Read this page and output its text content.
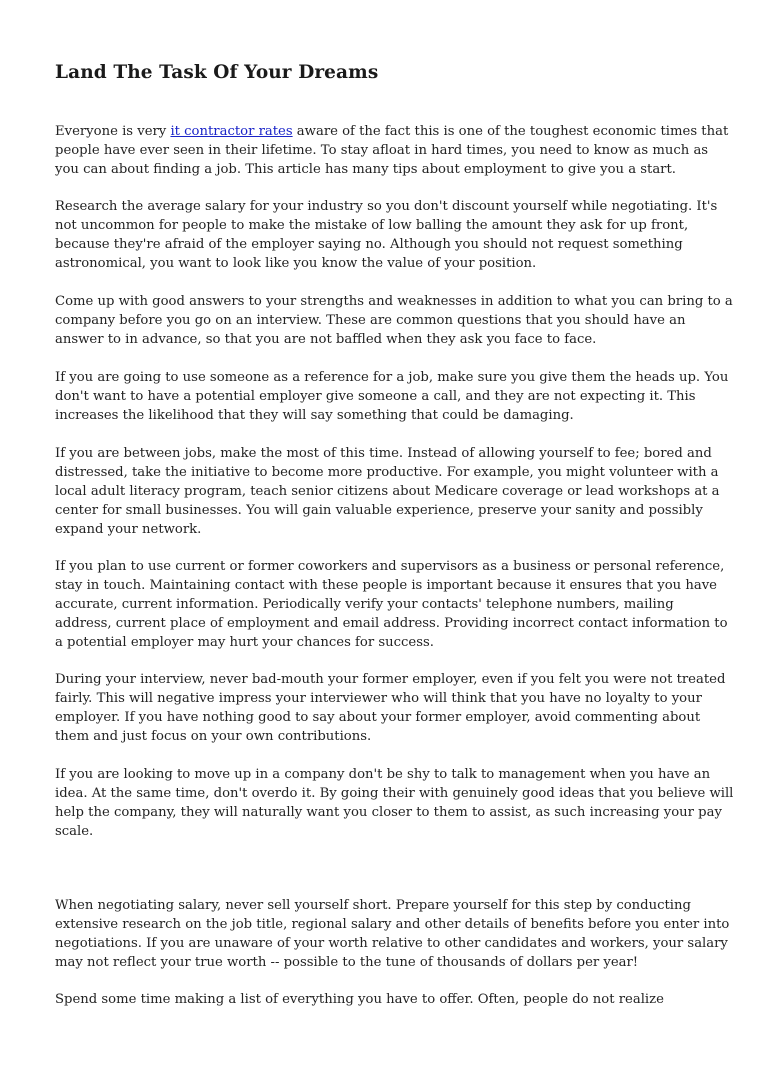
Land The Task Of Your Dreams

Everyone is very it contractor rates aware of the fact this is one of the toughest economic times that
people have ever seen in their lifetime. To stay afloat in hard times, you need to know as much as
you can about finding a job. This article has many tips about employment to give you a start.

Research the average salary for your industry so you don't discount yourself while negotiating. It's
not uncommon for people to make the mistake of low balling the amount they ask for up front,
because they're afraid of the employer saying no. Although you should not request something
astronomical, you want to look like you know the value of your position.

Come up with good answers to your strengths and weaknesses in addition to what you can bring to a
company before you go on an interview. These are common questions that you should have an
answer to in advance, so that you are not baffled when they ask you face to face.

If you are going to use someone as a reference for a job, make sure you give them the heads up. You
don't want to have a potential employer give someone a call, and they are not expecting it. This
increases the likelihood that they will say something that could be damaging.

If you are between jobs, make the most of this time. Instead of allowing yourself to fee; bored and
distressed, take the initiative to become more productive. For example, you might volunteer with a
local adult literacy program, teach senior citizens about Medicare coverage or lead workshops at a
center for small businesses. You will gain valuable experience, preserve your sanity and possibly
expand your network.

If you plan to use current or former coworkers and supervisors as a business or personal reference,
stay in touch. Maintaining contact with these people is important because it ensures that you have
accurate, current information. Periodically verify your contacts' telephone numbers, mailing
address, current place of employment and email address. Providing incorrect contact information to
a potential employer may hurt your chances for success.

During your interview, never bad-mouth your former employer, even if you felt you were not treated
fairly. This will negative impress your interviewer who will think that you have no loyalty to your
employer. If you have nothing good to say about your former employer, avoid commenting about
them and just focus on your own contributions.

If you are looking to move up in a company don't be shy to talk to management when you have an
idea. At the same time, don't overdo it. By going their with genuinely good ideas that you believe will
help the company, they will naturally want you closer to them to assist, as such increasing your pay
scale.

When negotiating salary, never sell yourself short. Prepare yourself for this step by conducting
extensive research on the job title, regional salary and other details of benefits before you enter into
negotiations. If you are unaware of your worth relative to other candidates and workers, your salary
may not reflect your true worth -- possible to the tune of thousands of dollars per year!

Spend some time making a list of everything you have to offer. Often, people do not realize
